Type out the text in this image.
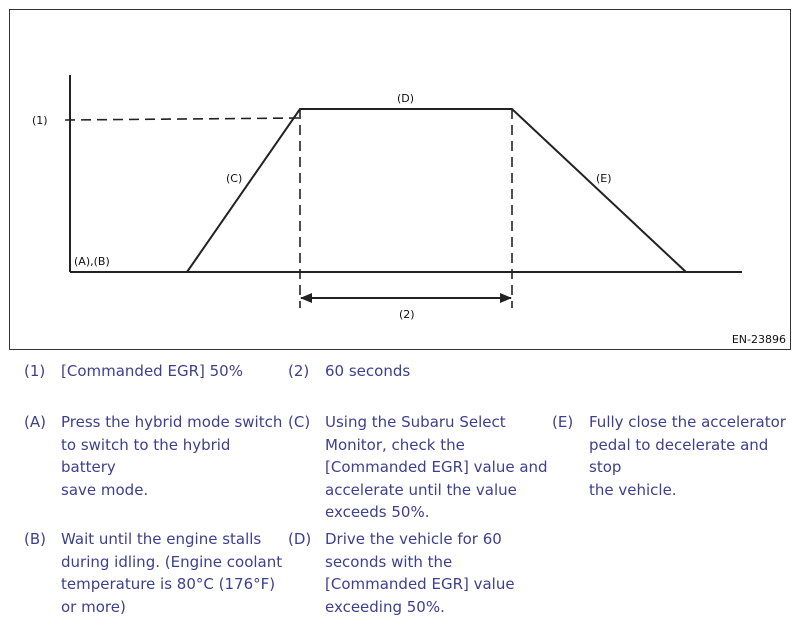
(1)
(A),(B)
(C)
(D)
(E)
(2)
EN-23896
(1) [Commanded EGR] 50%	(2) 60 seconds
(A) Press the hybrid mode switch
to switch to the hybrid battery
save mode.
(C) Using the Subaru Select
Monitor, check the
[Commanded EGR] value and
accelerate until the value
exceeds 50%.
(E) Fully close the accelerator
pedal to decelerate and stop
the vehicle.
(B) Wait until the engine stalls
during idling. (Engine coolant
temperature is 80°C (176°F)
or more)
(D) Drive the vehicle for 60
seconds with the
[Commanded EGR] value
exceeding 50%.
